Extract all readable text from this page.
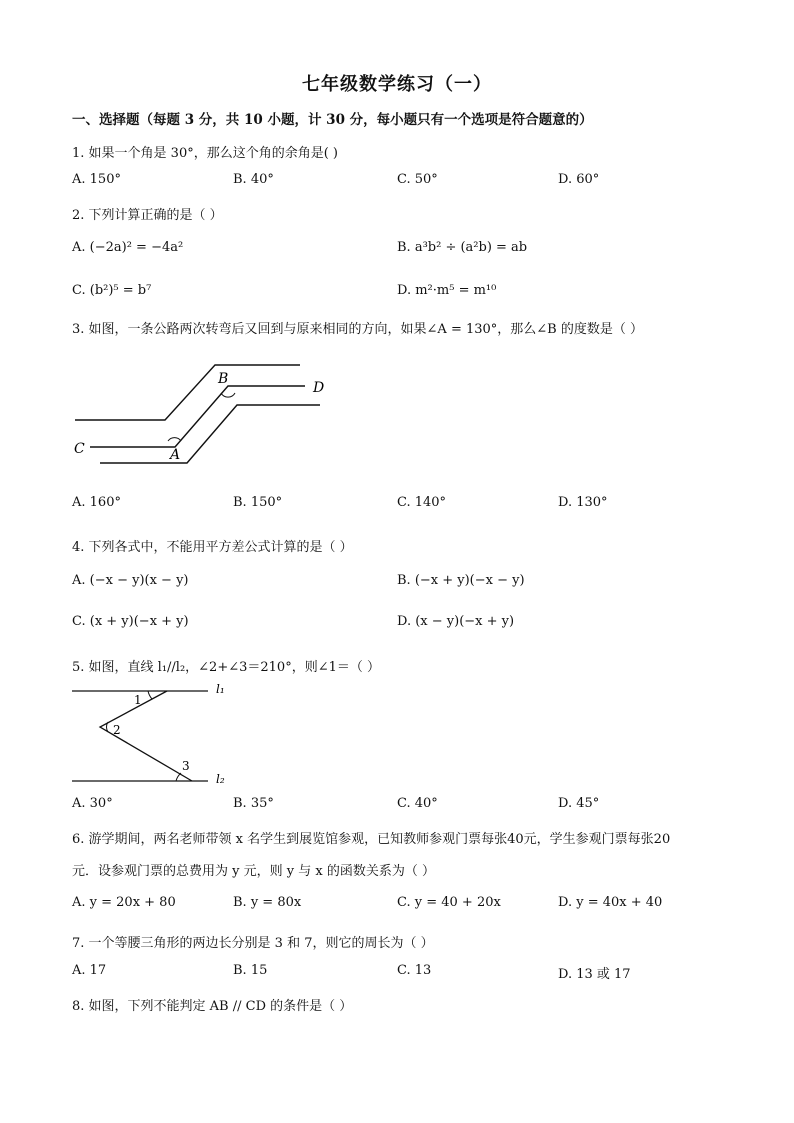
七年级数学练习（一）
一、选择题（每题 3 分，共 10 小题，计 30 分，每小题只有一个选项是符合题意的）
1. 如果一个角是 30°，那么这个角的余角是( )
A. 150°	B. 40°	C. 50°	D. 60°
2. 下列计算正确的是（ ）
A. (−2a)² = −4a²	B. a³b² ÷ (a²b) = ab
C. (b²)⁵ = b⁷	D. m²·m⁵ = m¹⁰
3. 如图，一条公路两次转弯后又回到与原来相同的方向，如果∠A = 130°，那么∠B 的度数是（ ）
B
D
C	A
A. 160°	B. 150°	C. 140°	D. 130°
4. 下列各式中，不能用平方差公式计算的是（ ）
A. (−x − y)(x − y)	B. (−x + y)(−x − y)
C. (x + y)(−x + y)	D. (x − y)(−x + y)
5. 如图，直线 l₁//l₂，∠2+∠3＝210°，则∠1＝（ ）
l₁
1
2
3
l₂
A. 30°	B. 35°	C. 40°	D. 45°
6. 游学期间，两名老师带领 x 名学生到展览馆参观，已知教师参观门票每张40元，学生参观门票每张20
元．设参观门票的总费用为 y 元，则 y 与 x 的函数关系为（ ）
A. y = 20x + 80	B. y = 80x	C. y = 40 + 20x	D. y = 40x + 40
7. 一个等腰三角形的两边长分别是 3 和 7，则它的周长为（ ）
A. 17	B. 15	C. 13	D. 13 或 17
8. 如图，下列不能判定 AB // CD 的条件是（ ）
